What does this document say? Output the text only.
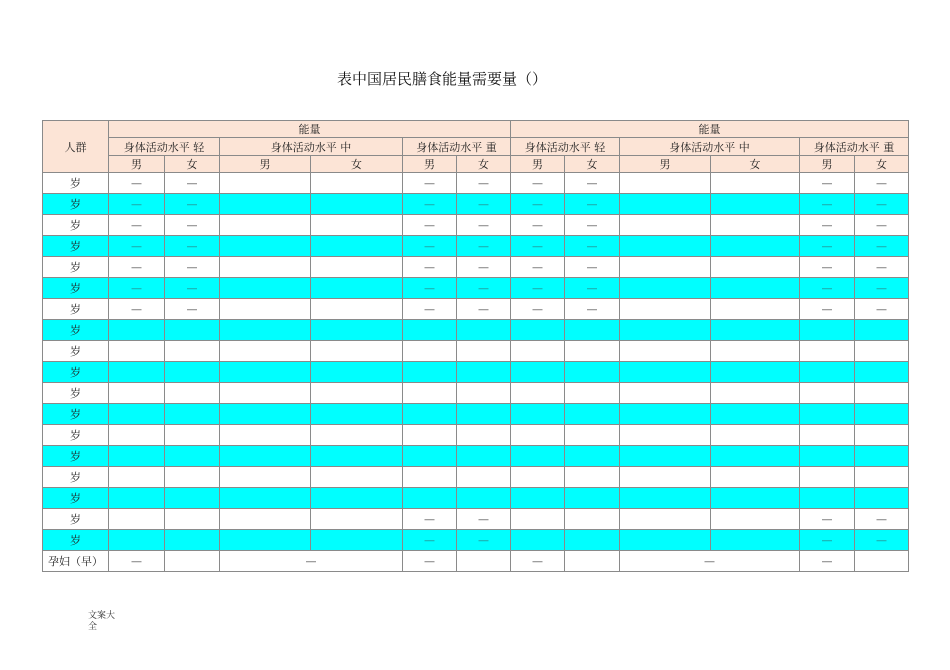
表中国居民膳食能量需要量（）
人群	能量						能量					
	身体活动水平 轻		身体活动水平 中		身体活动水平 重		身体活动水平 轻		身体活动水平 中		身体活动水平 重	
	男	女	男	女	男	女	男	女	男	女	男	女
岁	—	—			—	—	—	—			—	—
岁	—	—			—	—	—	—			—	—
岁	—	—			—	—	—	—			—	—
岁	—	—			—	—	—	—			—	—
岁	—	—			—	—	—	—			—	—
岁	—	—			—	—	—	—			—	—
岁	—	—			—	—	—	—			—	—
岁												
岁												
岁												
岁												
岁												
岁												
岁												
岁												
岁												
岁					—	—					—	—
岁					—	—					—	—
孕妇（早）	—		—		—		—		—		—	
文案大全
